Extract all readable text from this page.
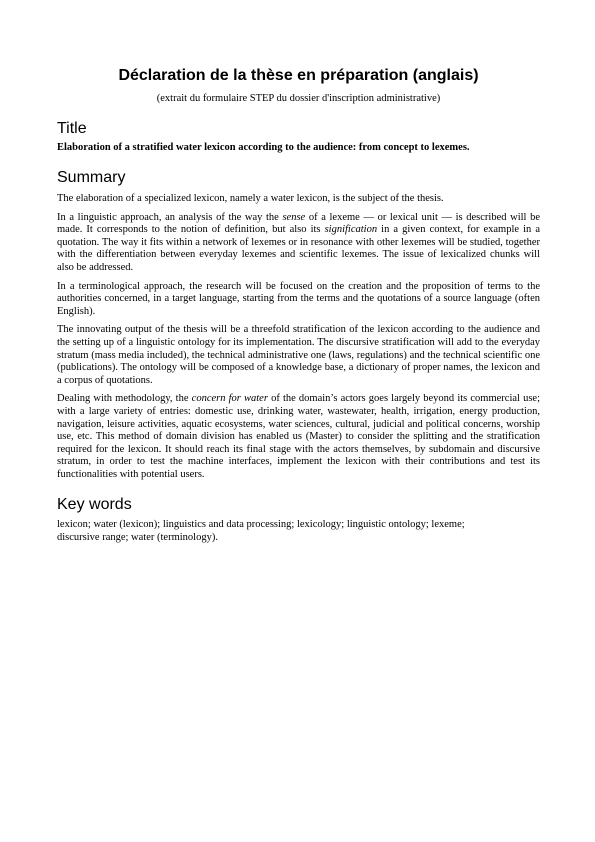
Déclaration de la thèse en préparation (anglais)
(extrait du formulaire STEP du dossier d'inscription administrative)
Title
Elaboration of a stratified water lexicon according to the audience: from concept to lexemes.
Summary

The elaboration of a specialized lexicon, namely a water lexicon, is the subject of the thesis.

In a linguistic approach, an analysis of the way the sense of a lexeme — or lexical unit — is described will be made. It corresponds to the notion of definition, but also its signification in a given context, for example in a quotation. The way it fits within a network of lexemes or in resonance with other lexemes will be studied, together with the differentiation between everyday lexemes and scientific lexemes. The issue of lexicalized chunks will also be addressed.

In a terminological approach, the research will be focused on the creation and the proposition of terms to the authorities concerned, in a target language, starting from the terms and the quotations of a source language (often English).

The innovating output of the thesis will be a threefold stratification of the lexicon according to the audience and the setting up of a linguistic ontology for its implementation. The discursive stratification will add to the everyday stratum (mass media included), the technical administrative one (laws, regulations) and the technical scientific one (publications). The ontology will be composed of a knowledge base, a dictionary of proper names, the lexicon and a corpus of quotations.

Dealing with methodology, the concern for water of the domain’s actors goes largely beyond its commercial use; with a large variety of entries: domestic use, drinking water, wastewater, health, irrigation, energy production, navigation, leisure activities, aquatic ecosystems, water sciences, cultural, judicial and political concerns, worship use, etc. This method of domain division has enabled us (Master) to consider the splitting and the stratification required for the lexicon. It should reach its final stage with the actors themselves, by subdomain and discursive stratum, in order to test the machine interfaces, implement the lexicon with their contributions and test its functionalities with potential users.

Key words
lexicon; water (lexicon); linguistics and data processing; lexicology; linguistic ontology; lexeme;
discursive range; water (terminology).
